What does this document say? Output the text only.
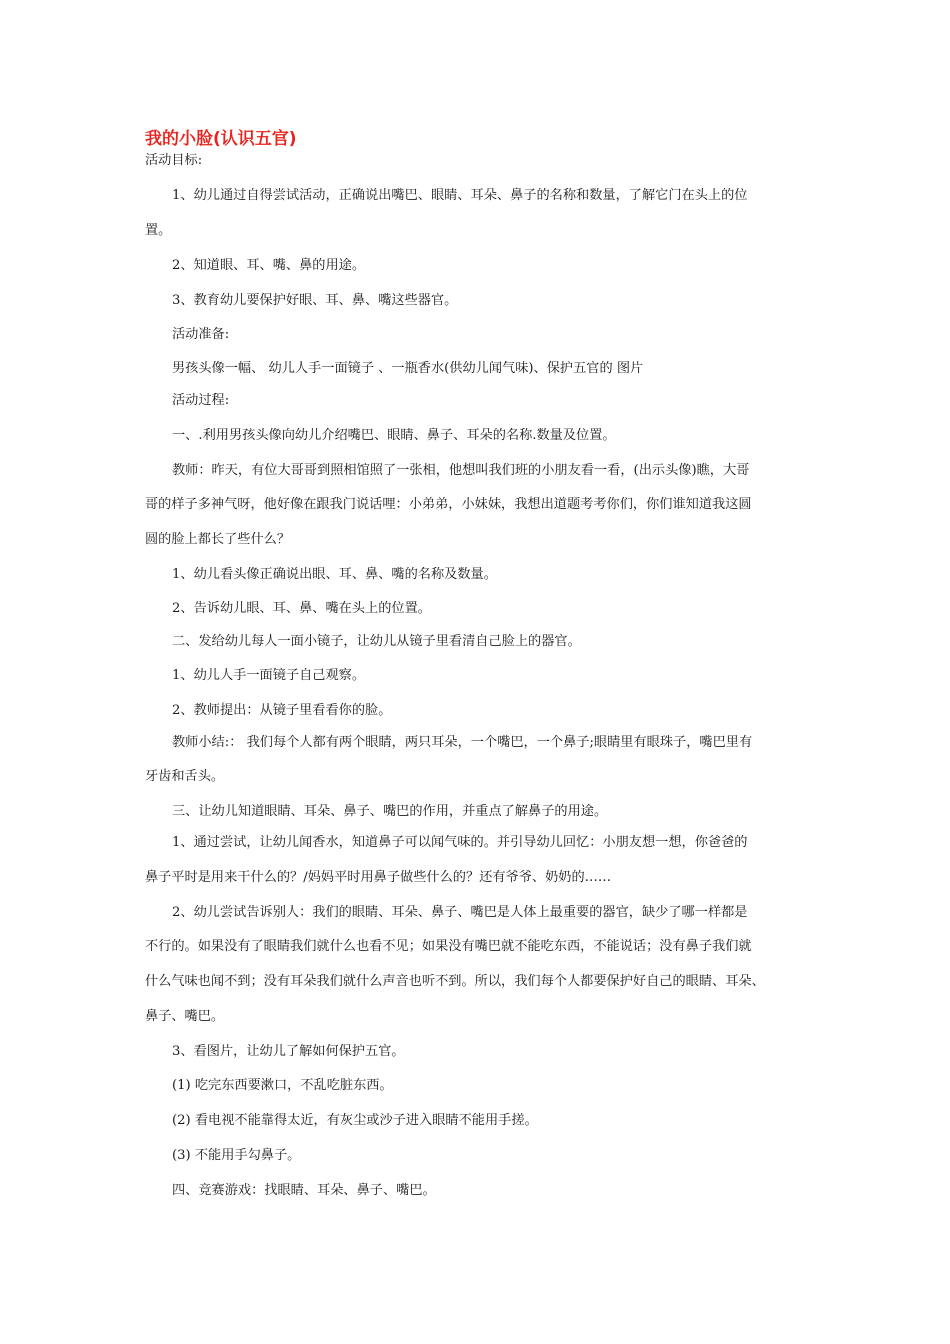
我的小脸(认识五官)
活动目标:
1、幼儿通过自得尝试活动，正确说出嘴巴、眼睛、耳朵、鼻子的名称和数量，了解它门在头上的位
置。
2、知道眼、耳、嘴、鼻的用途。
3、教育幼儿要保护好眼、耳、鼻、嘴这些器官。
活动准备:
男孩头像一幅、 幼儿人手一面镜子 、一瓶香水(供幼儿闻气味)、保护五官的 图片
活动过程:
一、.利用男孩头像向幼儿介绍嘴巴、眼睛、鼻子、耳朵的名称.数量及位置。
教师：昨天，有位大哥哥到照相馆照了一张相，他想叫我们班的小朋友看一看，(出示头像)瞧，大哥
哥的样子多神气呀，他好像在跟我门说话哩：小弟弟，小妹妹，我想出道题考考你们，你们谁知道我这圆
圆的脸上都长了些什么？
1、幼儿看头像正确说出眼、耳、鼻、嘴的名称及数量。
2、告诉幼儿眼、耳、鼻、嘴在头上的位置。
二、发给幼儿每人一面小镜子，让幼儿从镜子里看清自己脸上的器官。
1、幼儿人手一面镜子自己观察。
2、教师提出：从镜子里看看你的脸。
教师小结:： 我们每个人都有两个眼睛，两只耳朵，一个嘴巴，一个鼻子;眼睛里有眼珠子，嘴巴里有
牙齿和舌头。
三、让幼儿知道眼睛、耳朵、鼻子、嘴巴的作用，并重点了解鼻子的用途。
1、通过尝试，让幼儿闻香水，知道鼻子可以闻气味的。并引导幼儿回忆：小朋友想一想，你爸爸的
鼻子平时是用来干什么的？/妈妈平时用鼻子做些什么的？还有爷爷、奶奶的……
2、幼儿尝试告诉别人：我们的眼睛、耳朵、鼻子、嘴巴是人体上最重要的器官，缺少了哪一样都是
不行的。如果没有了眼睛我们就什么也看不见；如果没有嘴巴就不能吃东西，不能说话；没有鼻子我们就
什么气味也闻不到；没有耳朵我们就什么声音也听不到。所以，我们每个人都要保护好自己的眼睛、耳朵、
鼻子、嘴巴。
3、看图片，让幼儿了解如何保护五官。
(1) 吃完东西要漱口，不乱吃脏东西。
(2) 看电视不能靠得太近，有灰尘或沙子进入眼睛不能用手搓。
(3) 不能用手勾鼻子。
四、竞赛游戏：找眼睛、耳朵、鼻子、嘴巴。
